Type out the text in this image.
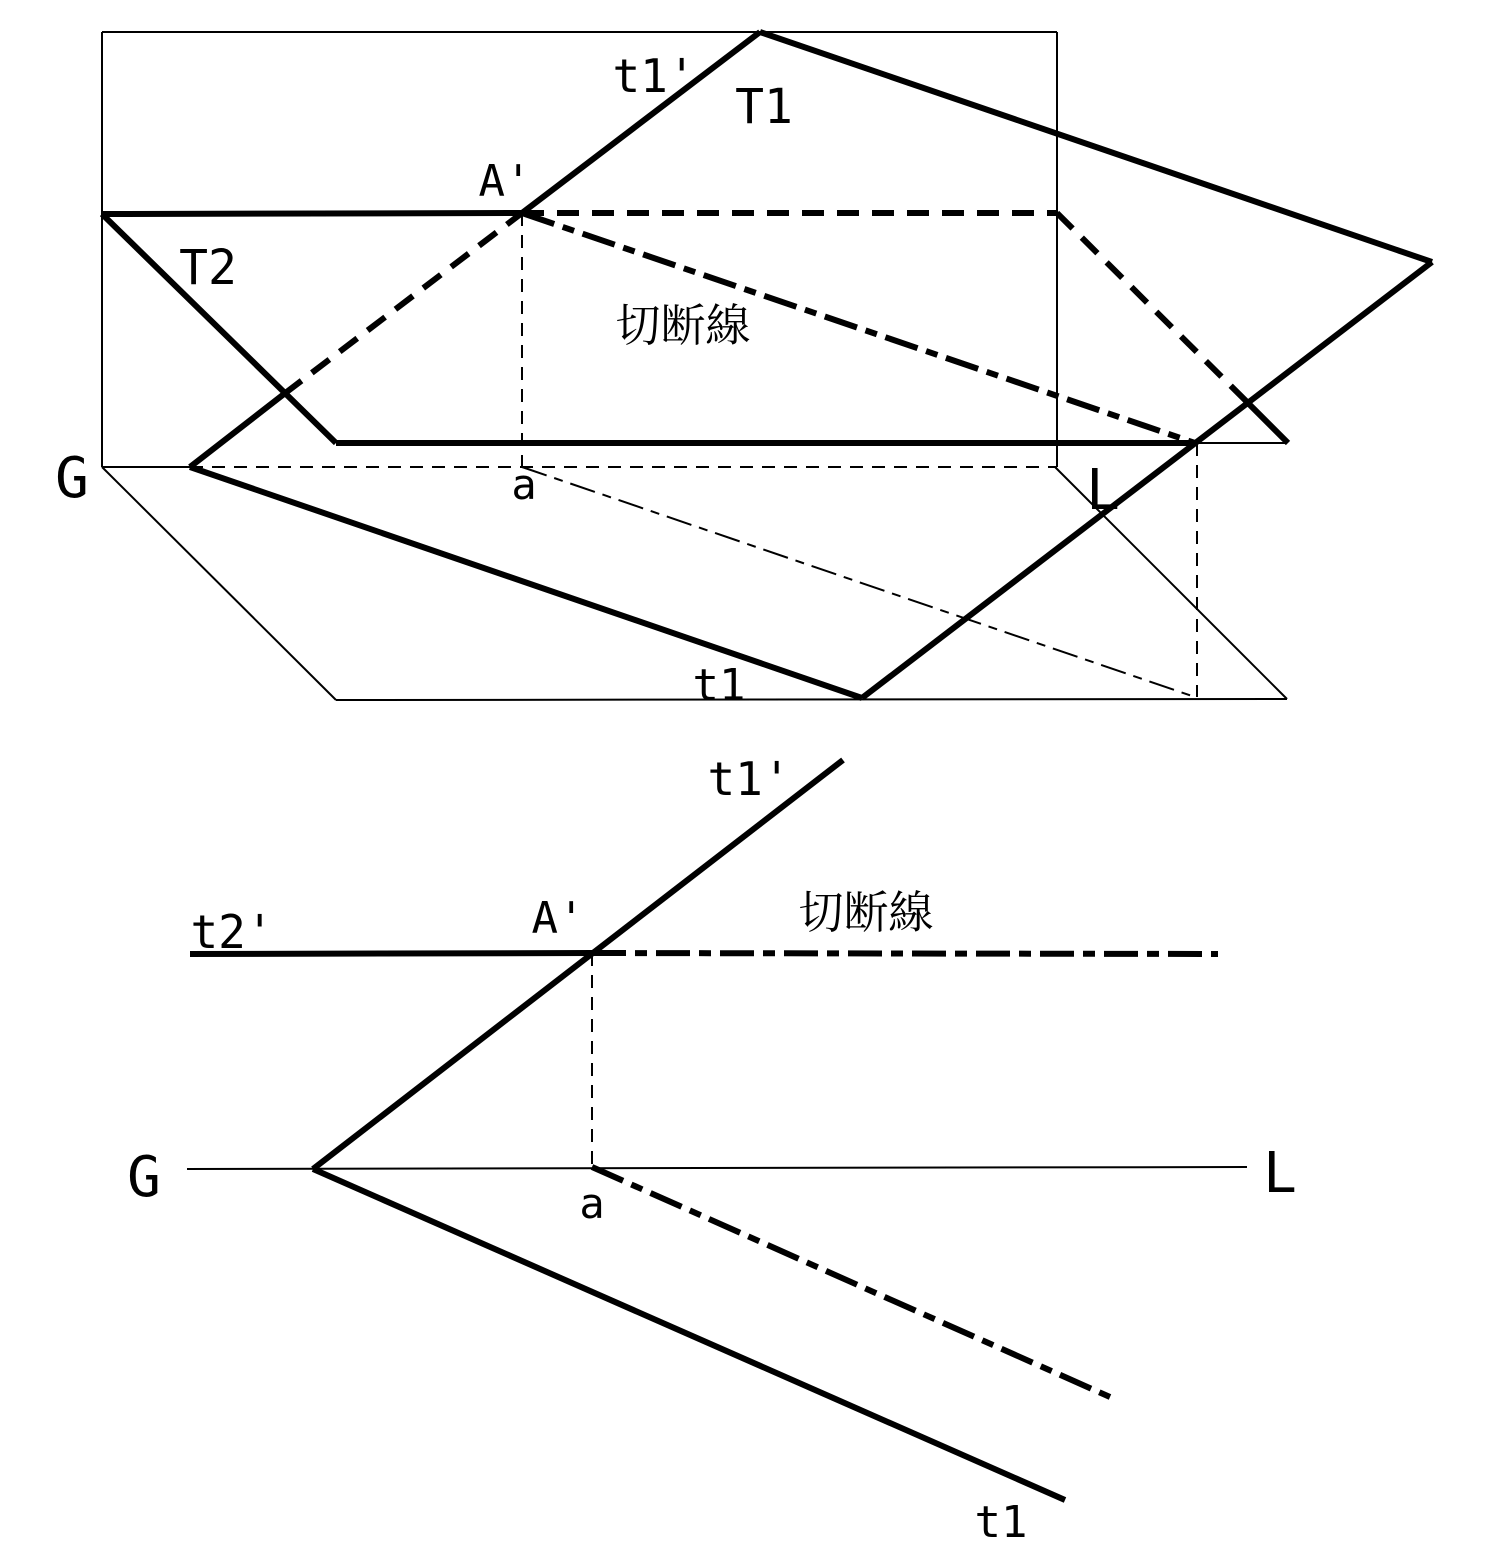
t1'
T1
A'
T2
切断線
G	a	L
t1
t1'
A'
t2'	切断線
G	a	L
t1
